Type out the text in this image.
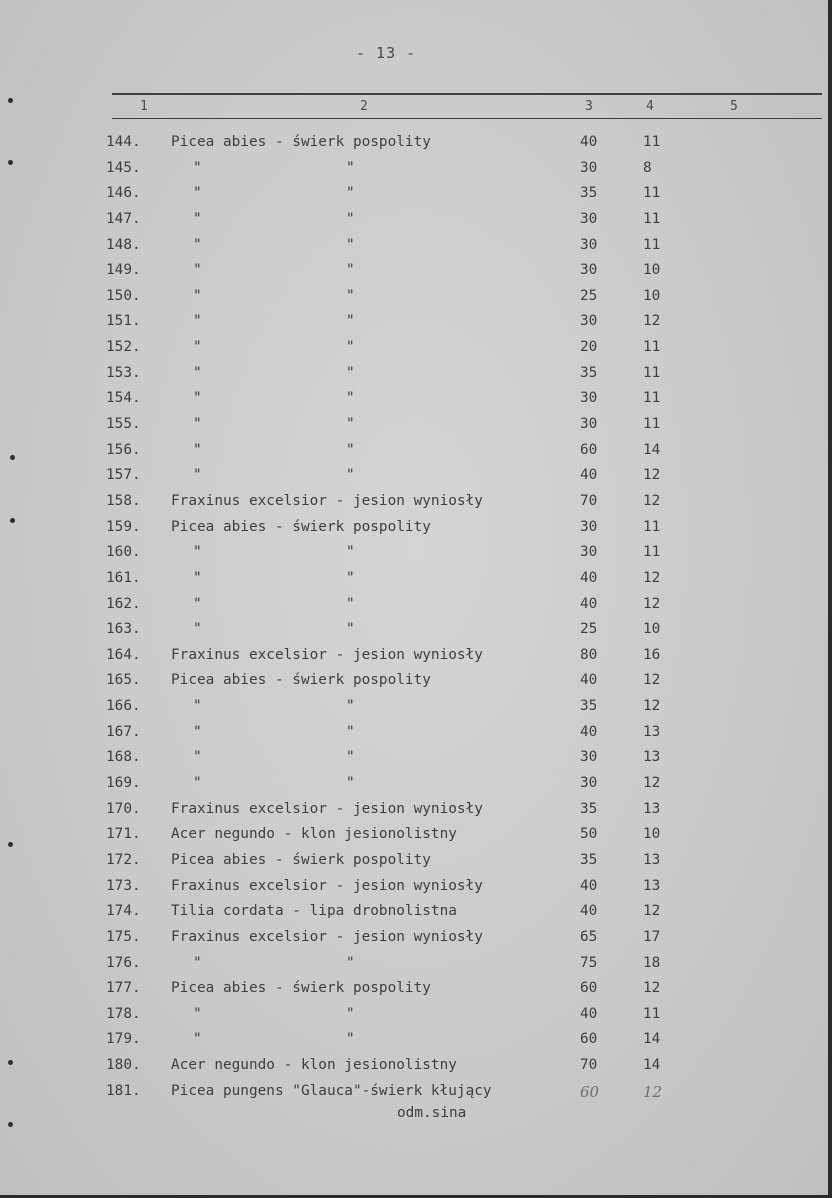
- 13 -
1	2	3	4	5
144. Picea abies - świerk pospolity	40	11
145.	"	"	30	8
146.	"	"	35	11
147.	"	"	30	11
148.	"	"	30	11
149.	"	"	30	10
150.	"	"	25	10
151.	"	"	30	12
152.	"	"	20	11
153.	"	"	35	11
154.	"	"	30	11
155.	"	"	30	11
156.	"	"	60	14
157.	"	"	40	12
158. Fraxinus excelsior - jesion wyniosły	70	12
159. Picea abies - świerk pospolity	30	11
160.	"	"	30	11
161.	"	"	40	12
162.	"	"	40	12
163.	"	"	25	10
164. Fraxinus excelsior - jesion wyniosły	80	16
165. Picea abies - świerk pospolity	40	12
166.	"	"	35	12
167.	"	"	40	13
168.	"	"	30	13
169.	"	"	30	12
170. Fraxinus excelsior - jesion wyniosły	35	13
171. Acer negundo - klon jesionolistny	50	10
172. Picea abies - świerk pospolity	35	13
173. Fraxinus excelsior - jesion wyniosły	40	13
174. Tilia cordata - lipa drobnolistna	40	12
175. Fraxinus excelsior - jesion wyniosły	65	17
176.	"	"	75	18
177. Picea abies - świerk pospolity	60	12
178.	"	"	40	11
179.	"	"	60	14
180. Acer negundo - klon jesionolistny	70	14
181. Picea pungens "Glauca"-świerk kłujący	60	12
odm.sina
